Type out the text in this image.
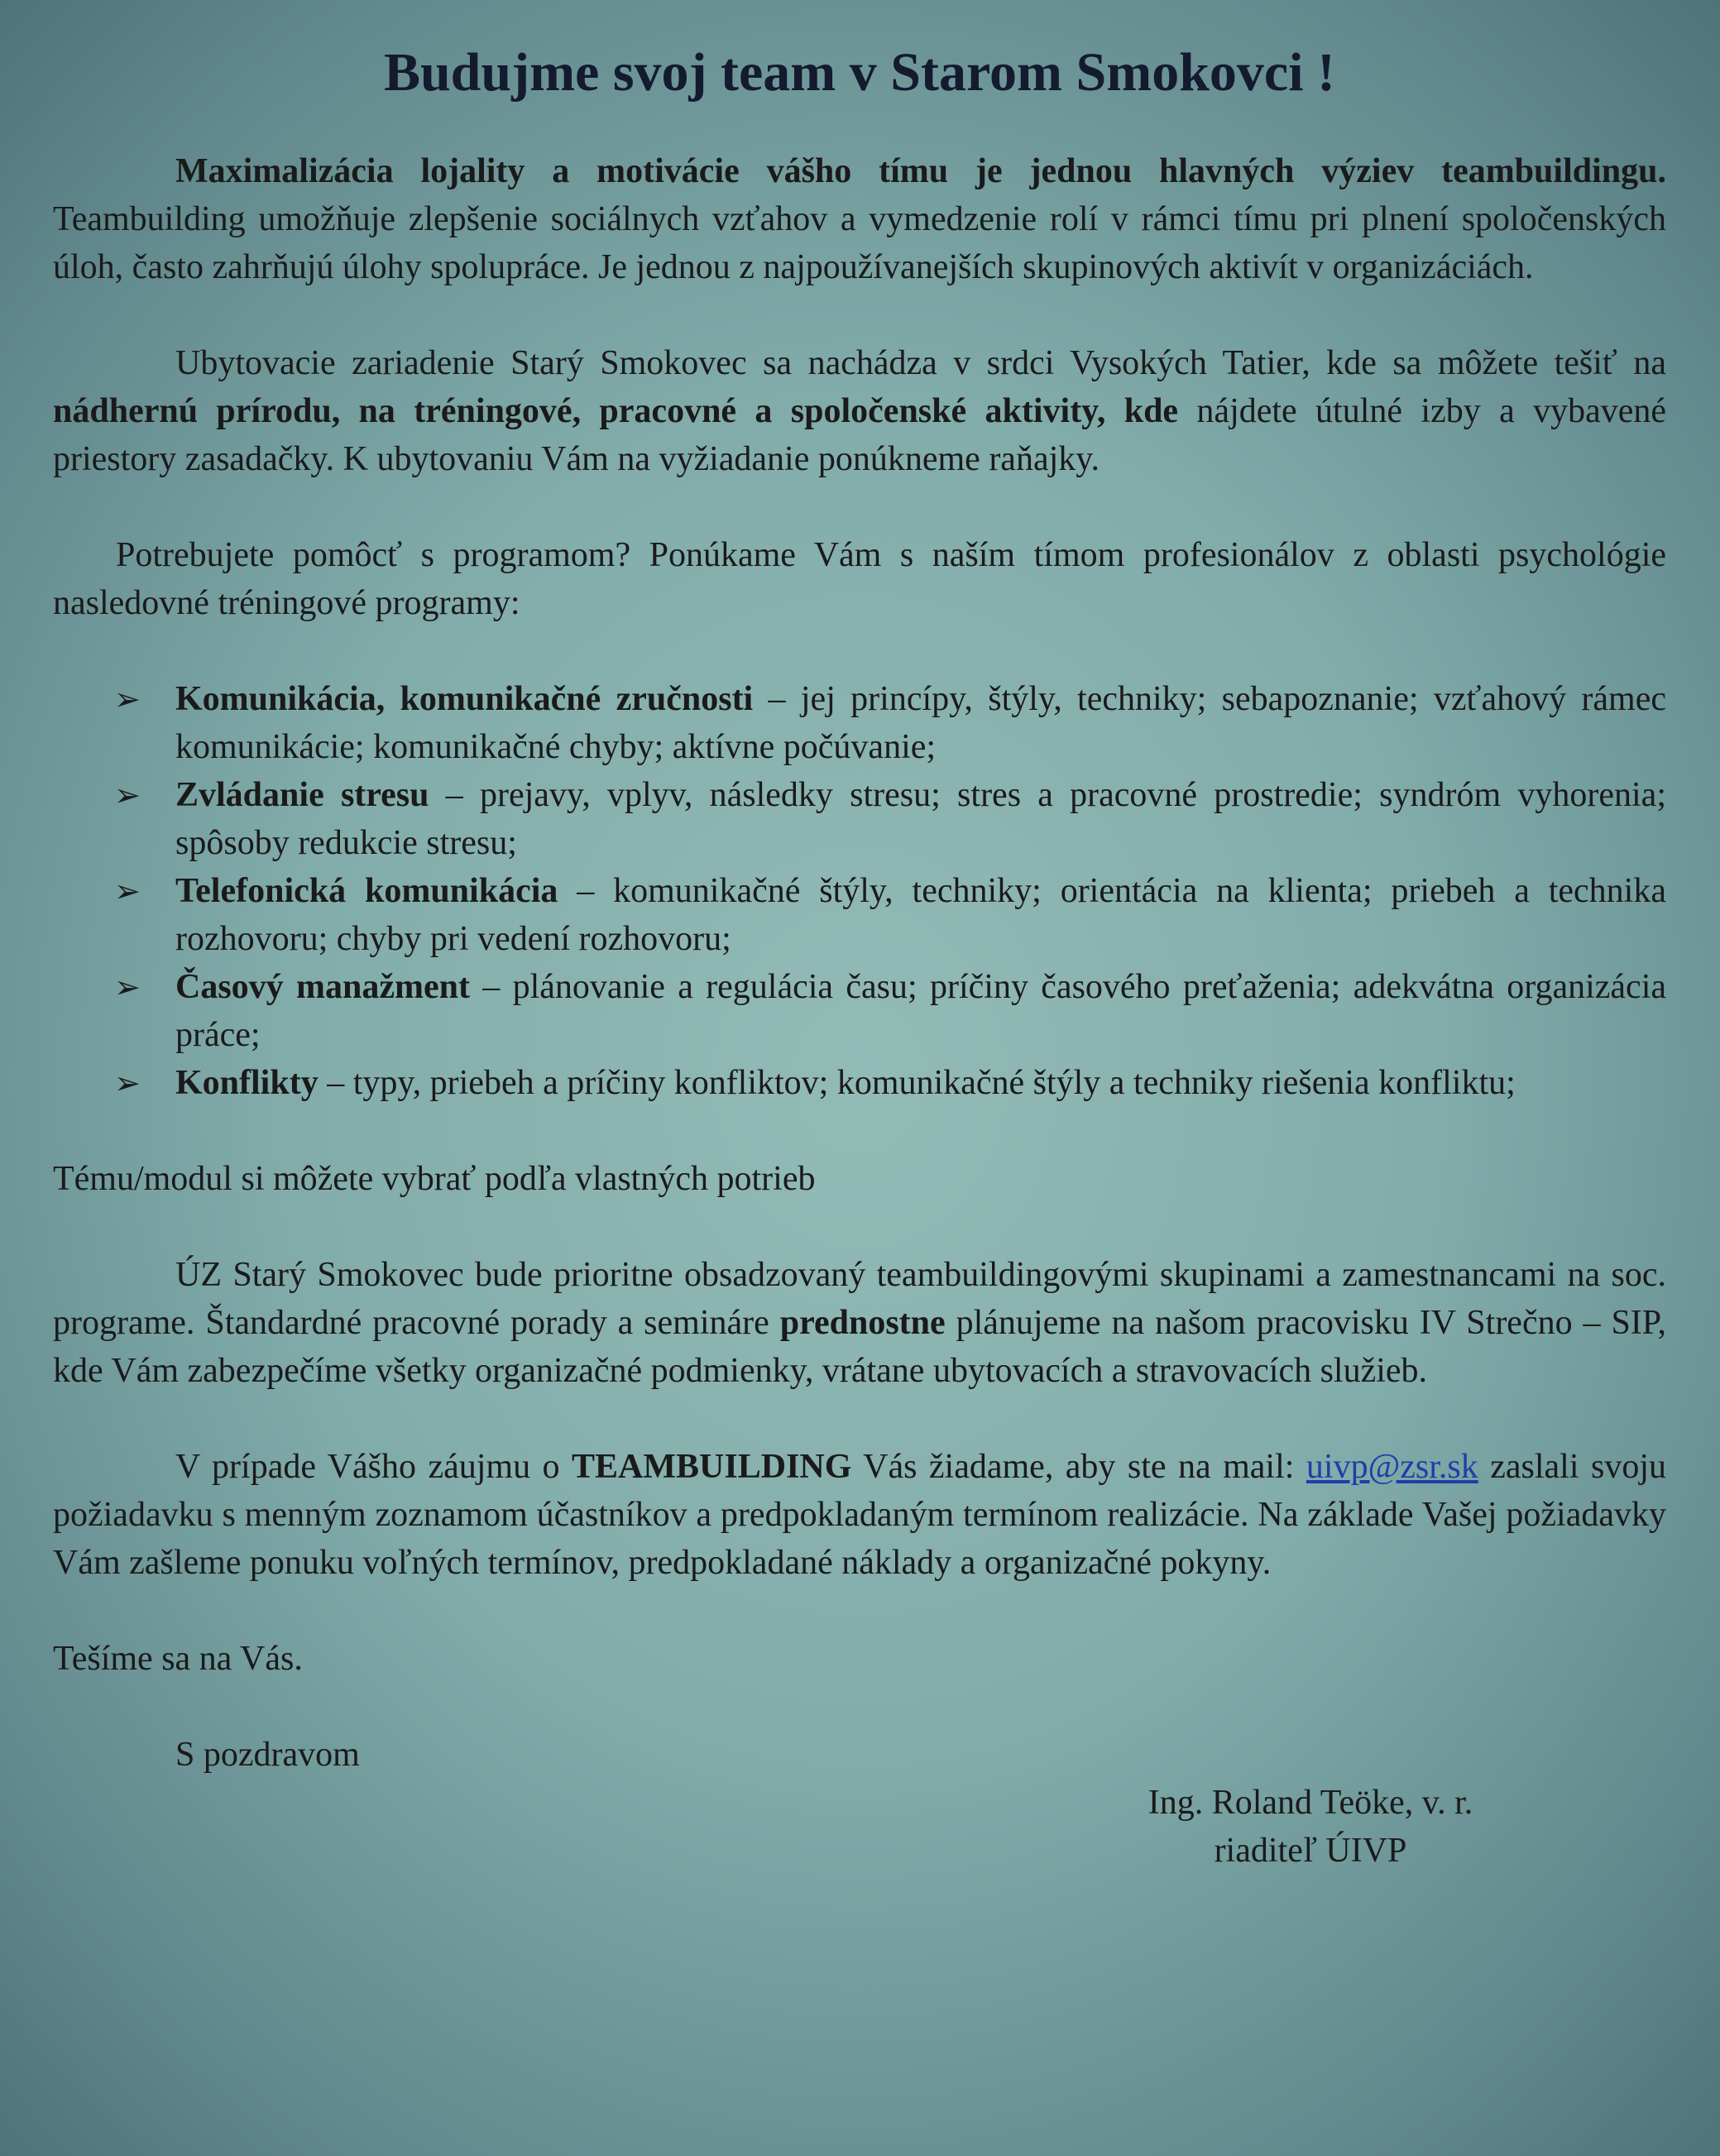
Budujme svoj team v Starom Smokovci !

Maximalizácia lojality a motivácie vášho tímu je jednou hlavných výziev teambuildingu. Teambuilding umožňuje zlepšenie sociálnych vzťahov a vymedzenie rolí v rámci tímu pri plnení spoločenských úloh, často zahrňujú úlohy spolupráce. Je jednou z najpoužívanejších skupinových aktivít v organizáciách.

Ubytovacie zariadenie Starý Smokovec sa nachádza v srdci Vysokých Tatier, kde sa môžete tešiť na nádhernú prírodu, na tréningové, pracovné a spoločenské aktivity, kde nájdete útulné izby a vybavené priestory zasadačky. K ubytovaniu Vám na vyžiadanie ponúkneme raňajky.

Potrebujete pomôcť s programom? Ponúkame Vám s naším tímom profesionálov z oblasti psychológie nasledovné tréningové programy:

➢ Komunikácia, komunikačné zručnosti – jej princípy, štýly, techniky; sebapoznanie; vzťahový rámec komunikácie; komunikačné chyby; aktívne počúvanie;
➢ Zvládanie stresu – prejavy, vplyv, následky stresu; stres a pracovné prostredie; syndróm vyhorenia; spôsoby redukcie stresu;
➢ Telefonická komunikácia – komunikačné štýly, techniky; orientácia na klienta; priebeh a technika rozhovoru; chyby pri vedení rozhovoru;
➢ Časový manažment – plánovanie a regulácia času; príčiny časového preťaženia; adekvátna organizácia práce;
➢ Konflikty – typy, priebeh a príčiny konfliktov; komunikačné štýly a techniky riešenia konfliktu;

Tému/modul si môžete vybrať podľa vlastných potrieb

ÚZ Starý Smokovec bude prioritne obsadzovaný teambuildingovými skupinami a zamestnancami na soc. programe. Štandardné pracovné porady a semináre prednostne plánujeme na našom pracovisku IV Strečno – SIP, kde Vám zabezpečíme všetky organizačné podmienky, vrátane ubytovacích a stravovacích služieb.

V prípade Vášho záujmu o TEAMBUILDING Vás žiadame, aby ste na mail: uivp@zsr.sk zaslali svoju požiadavku s menným zoznamom účastníkov a predpokladaným termínom realizácie. Na základe Vašej požiadavky Vám zašleme ponuku voľných termínov, predpokladané náklady a organizačné pokyny.

Tešíme sa na Vás.

S pozdravom

Ing. Roland Teöke, v. r.
riaditeľ ÚIVP
